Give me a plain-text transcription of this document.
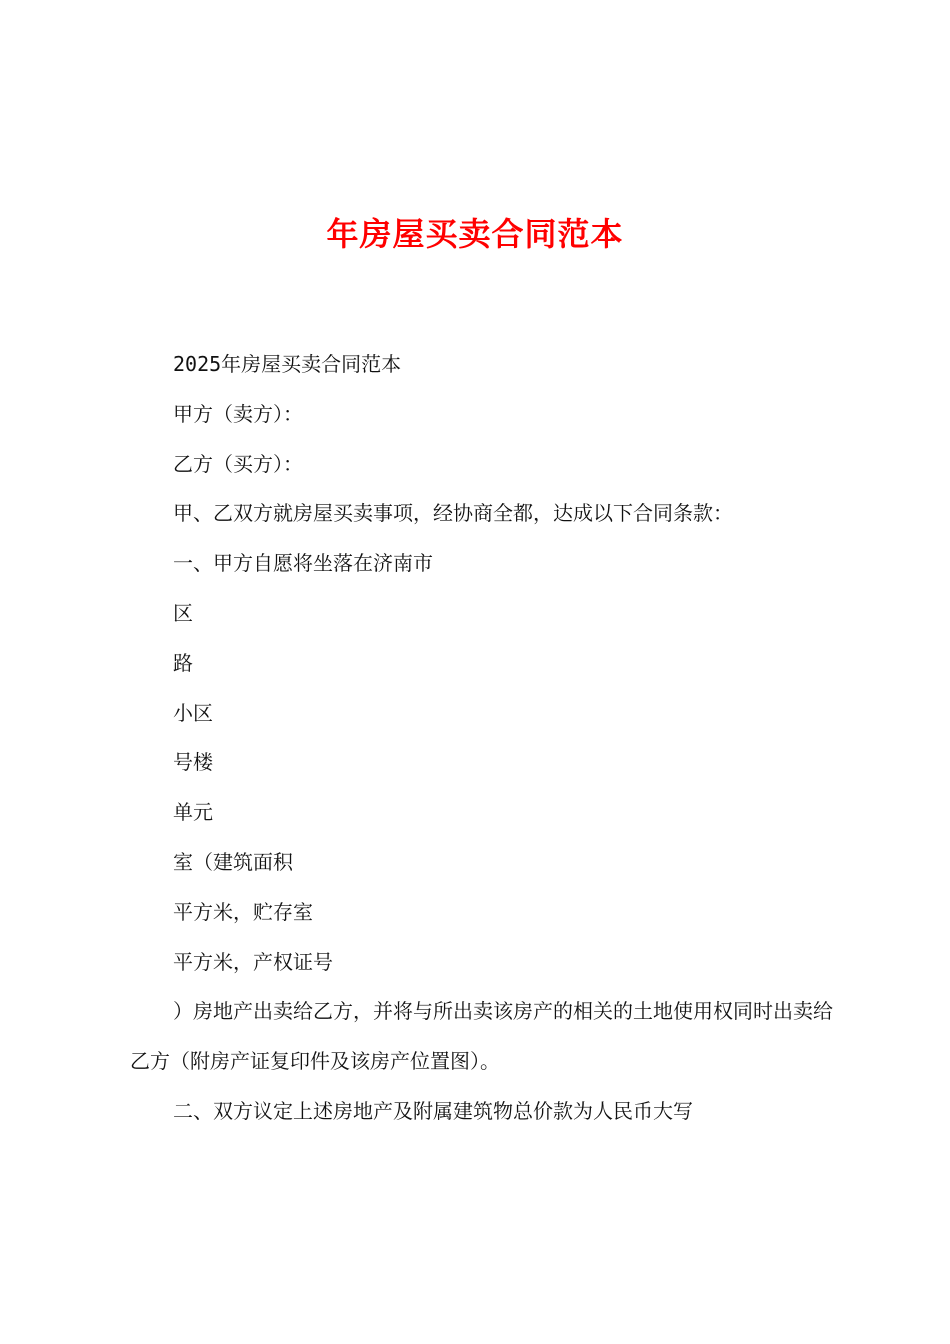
年房屋买卖合同范本
2025年房屋买卖合同范本
甲方（卖方）：
乙方（买方）：
甲、乙双方就房屋买卖事项，经协商全都，达成以下合同条款：
一、甲方自愿将坐落在济南市
区
路
小区
号楼
单元
室（建筑面积
平方米，贮存室
平方米，产权证号
）房地产出卖给乙方，并将与所出卖该房产的相关的土地使用权同时出卖给乙方（附房产证复印件及该房产位置图）。
二、双方议定上述房地产及附属建筑物总价款为人民币大写
